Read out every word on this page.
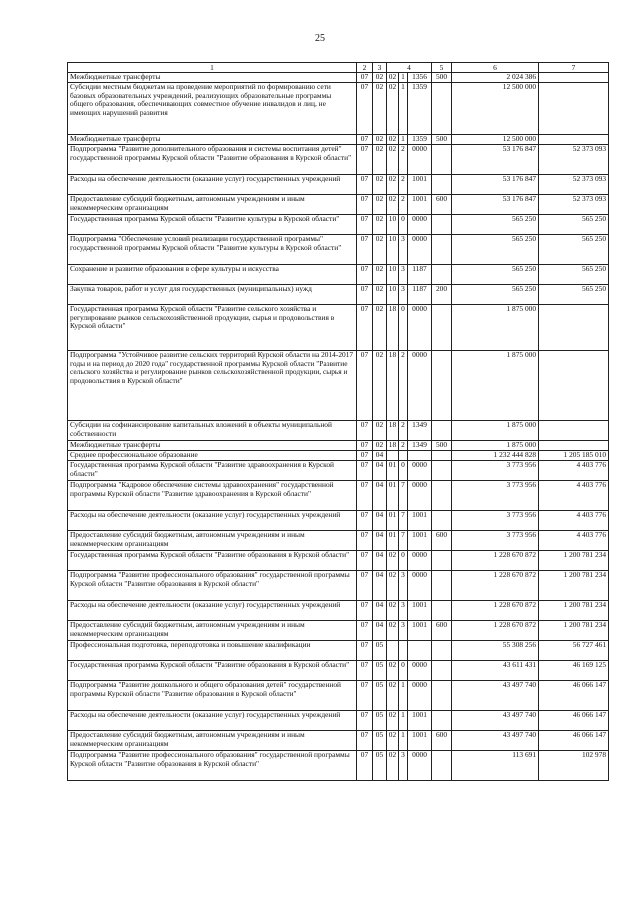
25
1	2	3	4			5	6	7
Межбюджетные трансферты	07	02	02	1	1356	500	2 024 386	
Субсидии местным бюджетам на проведение мероприятий по формированию сети базовых образовательных учреждений, реализующих образовательные программы общего образования, обеспечивающих совместное обучение инвалидов и лиц, не имеющих нарушений развития	07	02	02	1	1359		12 500 000	
Межбюджетные трансферты	07	02	02	1	1359	500	12 500 000	
Подпрограмма "Развитие дополнительного образования и системы воспитания детей" государственной программы Курской области "Развитие образования в Курской области"	07	02	02	2	0000		53 176 847	52 373 093
Расходы на обеспечение деятельности (оказание услуг) государственных учреждений	07	02	02	2	1001		53 176 847	52 373 093
Предоставление субсидий бюджетным, автономным учреждениям и иным некоммерческим организациям	07	02	02	2	1001	600	53 176 847	52 373 093
Государственная программа Курской области "Развитие культуры в Курской области"	07	02	10	0	0000		565 250	565 250
Подпрограмма "Обеспечение условий реализации государственной программы" государственной программы Курской области "Развитие культуры в Курской области"	07	02	10	3	0000		565 250	565 250
Сохранение и развитие образования в сфере культуры и искусства	07	02	10	3	1187		565 250	565 250
Закупка товаров, работ и услуг для государственных (муниципальных) нужд	07	02	10	3	1187	200	565 250	565 250
Государственная программа Курской области "Развитие сельского хозяйства и регулирование рынков сельскохозяйственной продукции, сырья и продовольствия в Курской области"	07	02	18	0	0000		1 875 000	
Подпрограмма "Устойчивое развитие сельских территорий Курской области на 2014-2017 годы и на период до 2020 года" государственной программы Курской области "Развитие сельского хозяйства и регулирование рынков сельскохозяйственной продукции, сырья и продовольствия в Курской области"	07	02	18	2	0000		1 875 000	
Субсидии на софинансирование капитальных вложений в объекты муниципальной собственности	07	02	18	2	1349		1 875 000	
Межбюджетные трансферты	07	02	18	2	1349	500	1 875 000	
Среднее профессиональное образование	07	04					1 232 444 828	1 205 185 010
Государственная программа Курской области "Развитие здравоохранения в Курской области"	07	04	01	0	0000		3 773 956	4 403 776
Подпрограмма "Кадровое обеспечение системы здравоохранения" государственной программы Курской области "Развитие здравоохранения в Курской области"	07	04	01	7	0000		3 773 956	4 403 776
Расходы на обеспечение деятельности (оказание услуг) государственных учреждений	07	04	01	7	1001		3 773 956	4 403 776
Предоставление субсидий бюджетным, автономным учреждениям и иным некоммерческим организациям	07	04	01	7	1001	600	3 773 956	4 403 776
Государственная программа Курской области "Развитие образования в Курской области"	07	04	02	0	0000		1 228 670 872	1 200 781 234
Подпрограмма "Развитие профессионального образования" государственной программы Курской области "Развитие образования в Курской области"	07	04	02	3	0000		1 228 670 872	1 200 781 234
Расходы на обеспечение деятельности (оказание услуг) государственных учреждений	07	04	02	3	1001		1 228 670 872	1 200 781 234
Предоставление субсидий бюджетным, автономным учреждениям и иным некоммерческим организациям	07	04	02	3	1001	600	1 228 670 872	1 200 781 234
Профессиональная подготовка, переподготовка и повышение квалификации	07	05					55 308 256	56 727 461
Государственная программа Курской области "Развитие образования в Курской области"	07	05	02	0	0000		43 611 431	46 169 125
Подпрограмма "Развитие дошкольного и общего образования детей" государственной программы Курской области "Развитие образования в Курской области"	07	05	02	1	0000		43 497 740	46 066 147
Расходы на обеспечение деятельности (оказание услуг) государственных учреждений	07	05	02	1	1001		43 497 740	46 066 147
Предоставление субсидий бюджетным, автономным учреждениям и иным некоммерческим организациям	07	05	02	1	1001	600	43 497 740	46 066 147
Подпрограмма "Развитие профессионального образования" государственной программы Курской области "Развитие образования в Курской области"	07	05	02	3	0000		113 691	102 978
